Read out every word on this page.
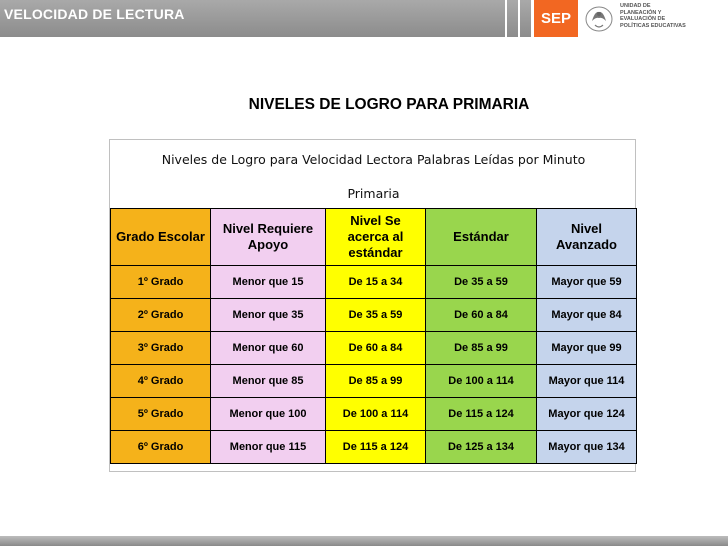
VELOCIDAD DE LECTURA	SEP
UNIDAD DE
PLANEACIÓN Y
EVALUACIÓN DE
POLÍTICAS EDUCATIVAS
NIVELES DE LOGRO PARA PRIMARIA
Niveles de Logro para Velocidad Lectora Palabras Leídas por Minuto
Primaria
Grado Escolar	Nivel Requiere Apoyo	Nivel Se acerca al estándar	Estándar	Nivel Avanzado
1º Grado	Menor que 15	De 15 a 34	De 35 a 59	Mayor que 59
2º Grado	Menor que 35	De 35 a 59	De 60 a 84	Mayor que 84
3º Grado	Menor que 60	De 60 a 84	De 85 a 99	Mayor que 99
4º Grado	Menor que 85	De 85 a 99	De 100 a 114	Mayor que 114
5º Grado	Menor que 100	De 100 a 114	De 115 a 124	Mayor que 124
6º Grado	Menor que 115	De 115 a 124	De 125 a 134	Mayor que 134
